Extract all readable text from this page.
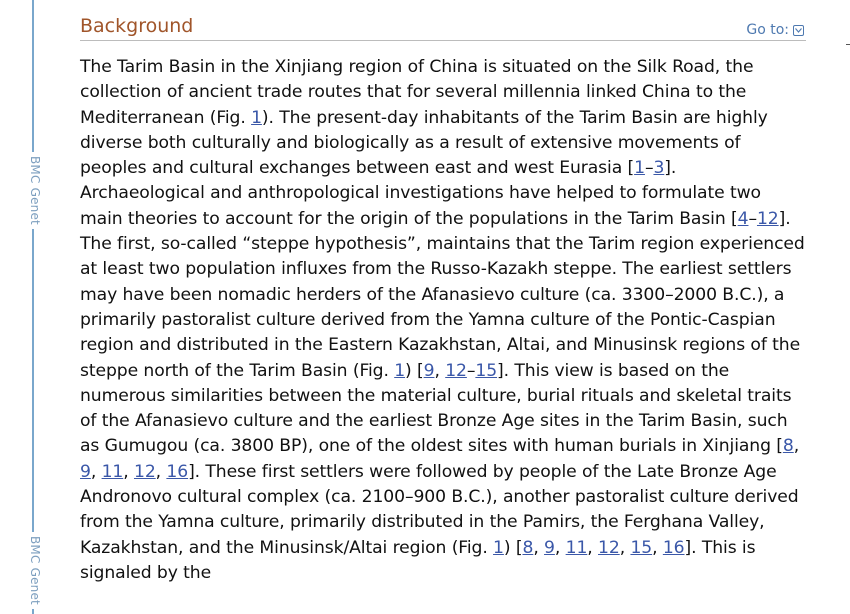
BMC Genet
BMC Genet
Background	Go to:

The Tarim Basin in the Xinjiang region of China is situated on the Silk Road, the collection of ancient trade routes that for several millennia linked China to the Mediterranean (Fig. 1). The present-day inhabitants of the Tarim Basin are highly diverse both culturally and biologically as a result of extensive movements of peoples and cultural exchanges between east and west Eurasia [1–3]. Archaeological and anthropological investigations have helped to formulate two main theories to account for the origin of the populations in the Tarim Basin [4–12]. The first, so-called “steppe hypothesis”, maintains that the Tarim region experienced at least two population influxes from the Russo-Kazakh steppe. The earliest settlers may have been nomadic herders of the Afanasievo culture (ca. 3300–2000 B.C.), a primarily pastoralist culture derived from the Yamna culture of the Pontic-Caspian region and distributed in the Eastern Kazakhstan, Altai, and Minusinsk regions of the steppe north of the Tarim Basin (Fig. 1) [9, 12–15]. This view is based on the numerous similarities between the material culture, burial rituals and skeletal traits of the Afanasievo culture and the earliest Bronze Age sites in the Tarim Basin, such as Gumugou (ca. 3800 BP), one of the oldest sites with human burials in Xinjiang [8, 9, 11, 12, 16]. These first settlers were followed by people of the Late Bronze Age Andronovo cultural complex (ca. 2100–900 B.C.), another pastoralist culture derived from the Yamna culture, primarily distributed in the Pamirs, the Ferghana Valley, Kazakhstan, and the Minusinsk/Altai region (Fig. 1) [8, 9, 11, 12, 15, 16]. This is signaled by the
